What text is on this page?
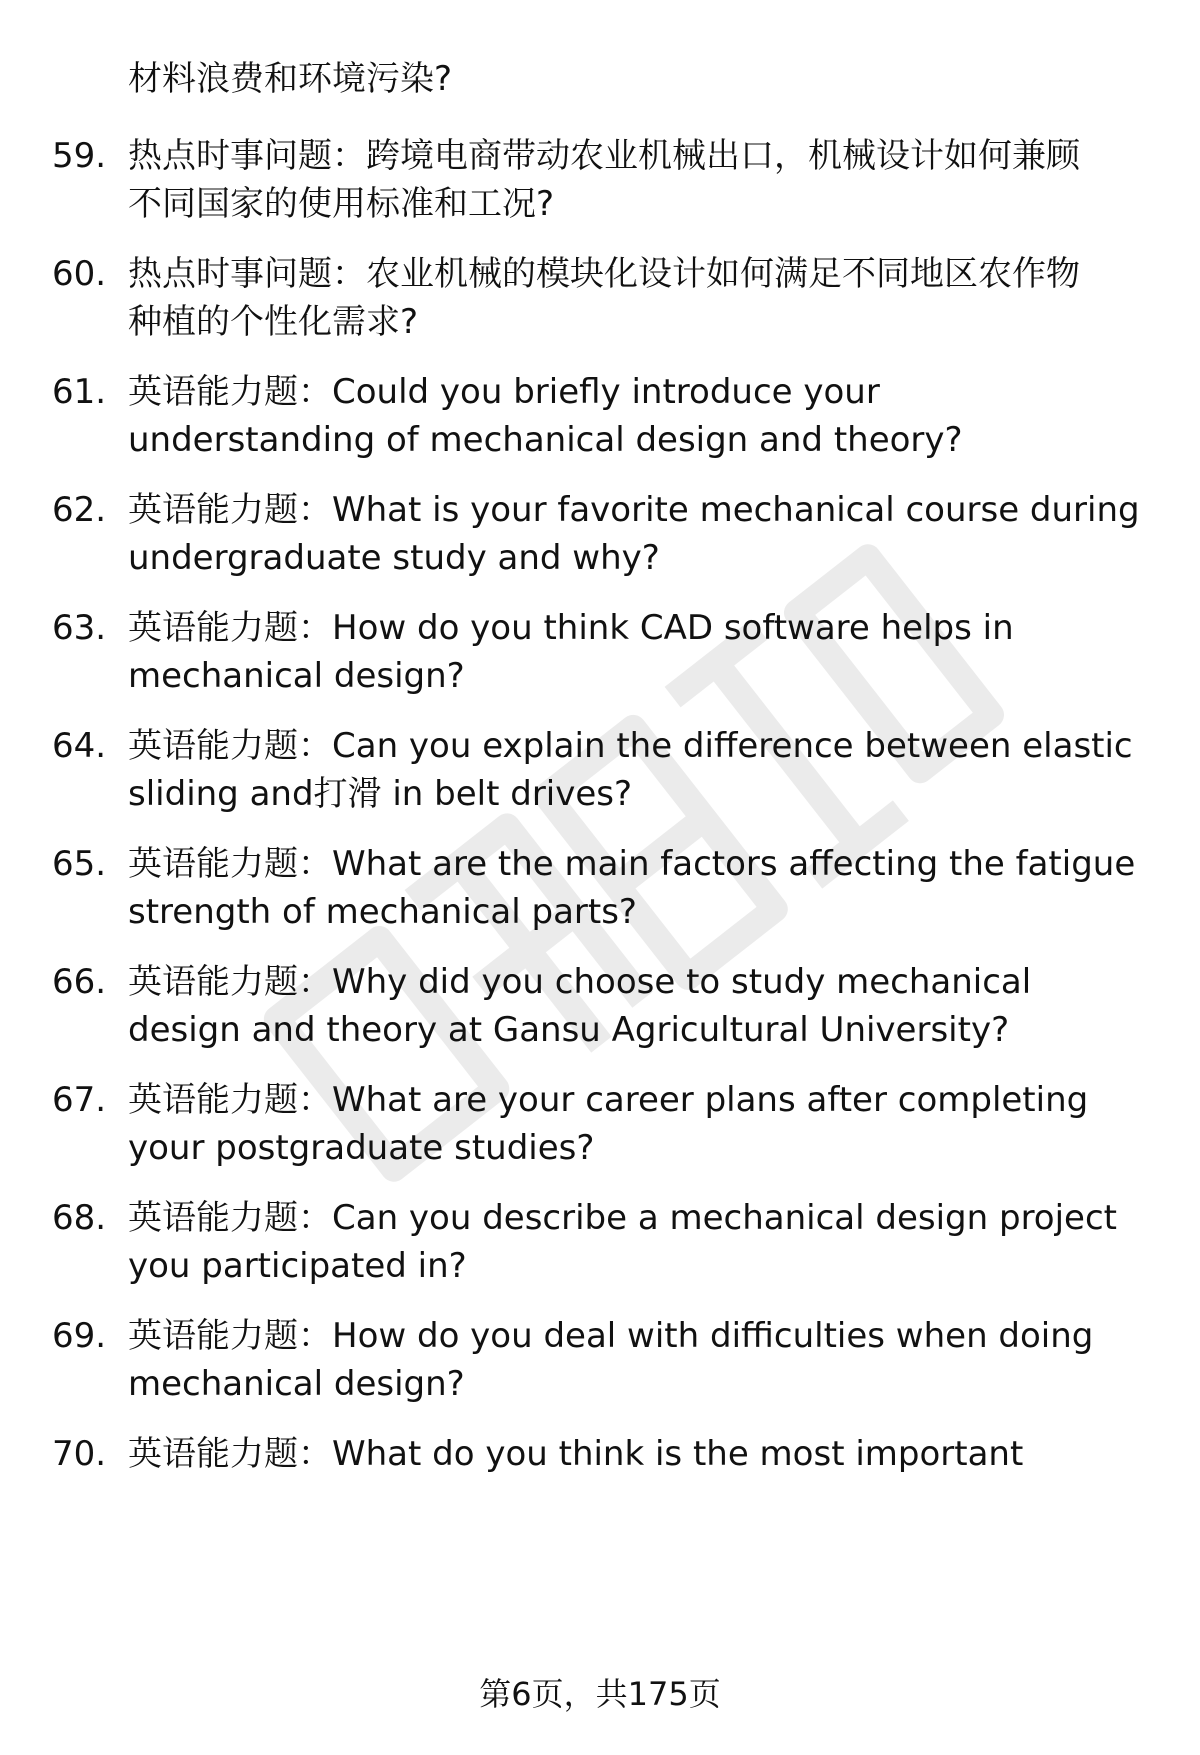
材料浪费和环境污染?
59. 热点时事问题：跨境电商带动农业机械出口，机械设计如何兼顾
不同国家的使用标准和工况?
60. 热点时事问题：农业机械的模块化设计如何满足不同地区农作物
种植的个性化需求?
61. 英语能力题：Could you briefly introduce your
understanding of mechanical design and theory?
62. 英语能力题：What is your favorite mechanical course during
undergraduate study and why?
63. 英语能力题：How do you think CAD software helps in
mechanical design?
64. 英语能力题：Can you explain the difference between elastic
sliding and打滑 in belt drives?
65. 英语能力题：What are the main factors affecting the fatigue
strength of mechanical parts?
66. 英语能力题：Why did you choose to study mechanical
design and theory at Gansu Agricultural University?
67. 英语能力题：What are your career plans after completing
your postgraduate studies?
68. 英语能力题：Can you describe a mechanical design project
you participated in?
69. 英语能力题：How do you deal with difficulties when doing
mechanical design?
70. 英语能力题：What do you think is the most important
第6页，共175页
